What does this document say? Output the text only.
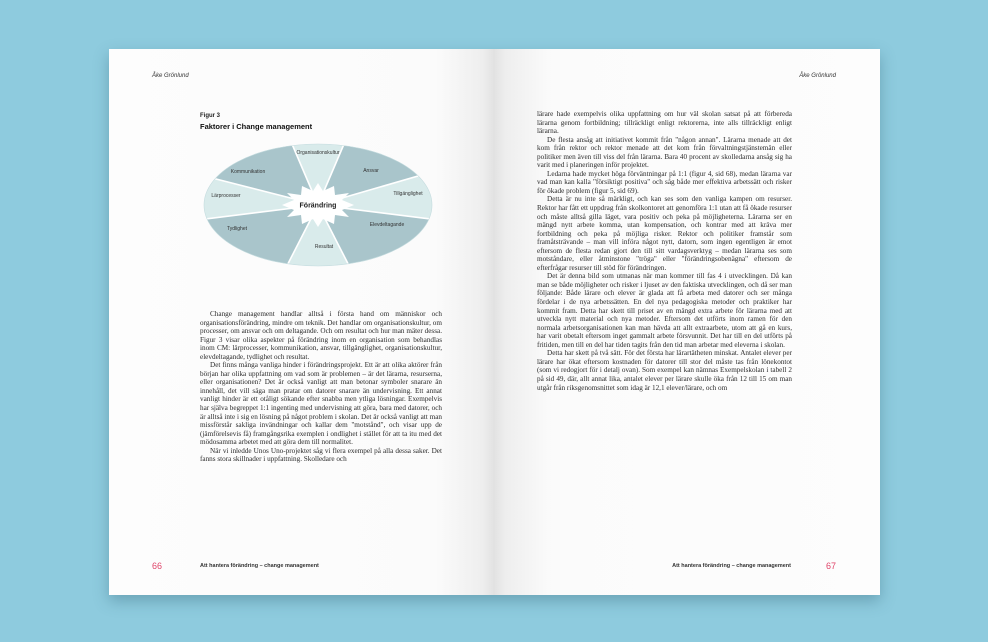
Åke Grönlund
Figur 3
Faktorer i Change management
Förändring
Organisationskultur
Ansvar
Tillgänglighet
Elevdeltagande
Resultat
Tydlighet
Lärprocesser
Kommunikation

Change management handlar alltså i första hand om människor och organisationsförändring, mindre om teknik. Det handlar om organisationskultur, om processer, om ansvar och om deltagande. Och om resultat och hur man mäter dessa. Figur 3 visar olika aspekter på förändring inom en organisation som behandlas inom CM: lärprocesser, kommunikation, ansvar, tillgänglighet, organisationskultur, elevdeltagande, tydlighet och resultat.

Det finns många vanliga hinder i förändringsprojekt. Ett är att olika aktörer från början har olika uppfattning om vad som är problemen – är det lärarna, resurserna, eller organisationen? Det är också vanligt att man betonar symboler snarare än innehåll, det vill säga man pratar om datorer snarare än undervisning. Ett annat vanligt hinder är ett otåligt sökande efter snabba men ytliga lösningar. Exempelvis har själva begreppet 1:1 ingenting med undervisning att göra, bara med datorer, och är alltså inte i sig en lösning på något problem i skolan. Det är också vanligt att man missförstår sakliga invändningar och kallar dem "motstånd", och visar upp de (jämförelsevis få) framgångsrika exemplen i ondlighet i stället för att ta itu med det mödosamma arbetet med att göra dem till normalitet.

När vi inledde Unos Uno-projektet såg vi flera exempel på alla dessa saker. Det fanns stora skillnader i uppfattning. Skolledare och

66	Att hantera förändring – change management
Åke Grönlund

lärare hade exempelvis olika uppfattning om hur väl skolan satsat på att förbereda lärarna genom fortbildning; tillräckligt enligt rektorerna, inte alls tillräckligt enligt lärarna.

De flesta ansåg att initiativet kommit från "någon annan". Lärarna menade att det kom från rektor och rektor menade att det kom från förvaltningstjänstemän eller politiker men även till viss del från lärarna. Bara 40 procent av skolledarna ansåg sig ha varit med i planeringen inför projektet.

Ledarna hade mycket höga förväntningar på 1:1 (figur 4, sid 68), medan lärarna var vad man kan kalla "försiktigt positiva" och såg både mer effektiva arbetssätt och risker för ökade problem (figur 5, sid 69).

Detta är nu inte så märkligt, och kan ses som den vanliga kampen om resurser. Rektor har fått ett uppdrag från skolkontoret att genomföra 1:1 utan att få ökade resurser och måste alltså gilla läget, vara positiv och peka på möjligheterna. Lärarna ser en mängd nytt arbete komma, utan kompensation, och kontrar med att kräva mer fortbildning och peka på möjliga risker. Rektor och politiker framstår som framåtsträvande – man vill införa något nytt, datorn, som ingen egentligen är emot eftersom de flesta redan gjort den till sitt vardagsverktyg – medan lärarna ses som motståndare, eller åtminstone "tröga" eller "förändringsobenägna" eftersom de efterfrågar resurser till stöd för förändringen.

Det är denna bild som utmanas när man kommer till fas 4 i utvecklingen. Då kan man se både möjligheter och risker i ljuset av den faktiska utvecklingen, och då ser man följande: Både lärare och elever är glada att få arbeta med datorer och ser många fördelar i de nya arbetssätten. En del nya pedagogiska metoder och praktiker har kommit fram. Detta har skett till priset av en mängd extra arbete för lärarna med att utveckla nytt material och nya metoder. Eftersom det utförts inom ramen för den normala arbetsorganisationen kan man hävda att allt extraarbete, utom att gå en kurs, har varit obetalt eftersom inget gammalt arbete försvunnit. Det har till en del utförts på fritiden, men till en del har tiden tagits från den tid man arbetar med eleverna i skolan.

Detta har skett på två sätt. För det första har lärartätheten minskat. Antalet elever per lärare har ökat eftersom kostnaden för datorer till stor del måste tas från lönekontot (som vi redogjort för i detalj ovan). Som exempel kan nämnas Exempelskolan i tabell 2 på sid 49, där, allt annat lika, antalet elever per lärare skulle öka från 12 till 15 om man utgår från riksgenomsnittet som idag är 12,1 elever/lärare, och om

Att hantera förändring – change management	67
